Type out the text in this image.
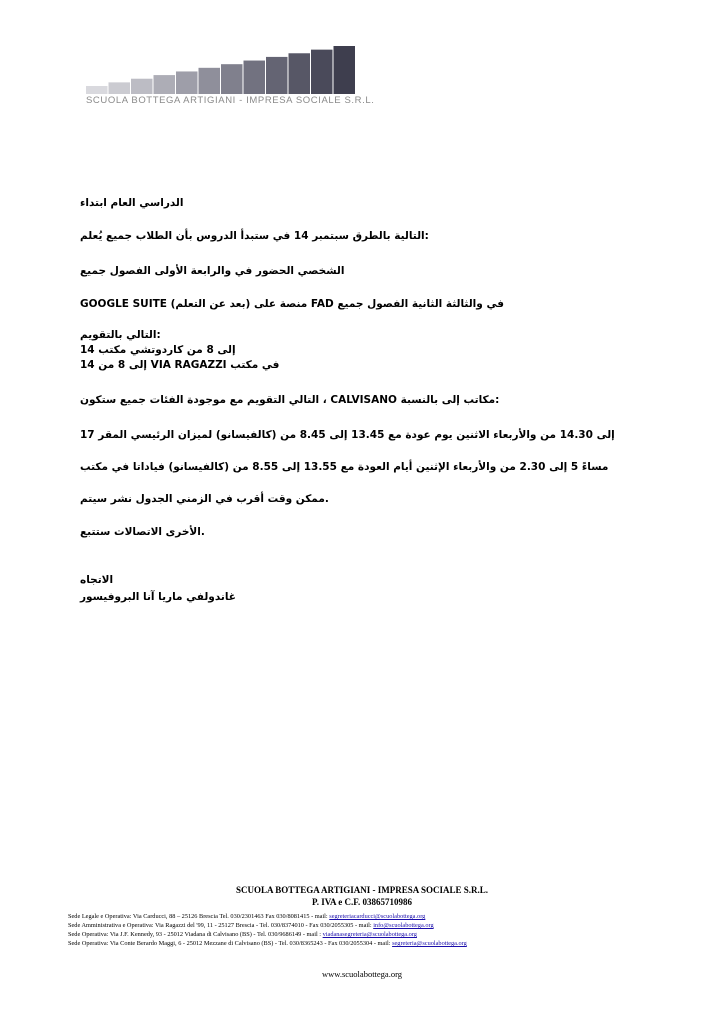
SCUOLA BOTTEGA ARTIGIANI - IMPRESA SOCIALE S.R.L.
الدراسي العام ابتداء
التالية بالطرق سبتمبر 14 في ستبدأ الدروس بأن الطلاب جميع يُعلم:
الشخصي الحضور في والرابعة الأولى الفصول جميع
GOOGLE SUITE منصة على (بعد عن التعلم) FAD في والثالثة الثانية الفصول جميع
التالي بالتقويم:
14 إلى 8 من كاردوتشي مكتب
14 إلى 8 من VIA RAGAZZI في مكتب
التالي التقويم مع موجودة الفئات جميع ستكون ، CALVISANO مكاتب إلى بالنسبة:
17 إلى 14.30 من والأربعاء الاثنين يوم عودة مع 13.45 إلى 8.45 من (كالفيسانو) لميزان الرئيسي المقر
مساءً 5 إلى 2.30 من والأربعاء الإثنين أيام العودة مع 13.55 إلى 8.55 من (كالفيسانو) فياداتا في مكتب
ممكن وقت أقرب في الزمني الجدول نشر سيتم.
الأخرى الاتصالات ستتبع.
الاتجاه
غاندولفي ماريا آنا البروفيسور
SCUOLA BOTTEGA ARTIGIANI - IMPRESA SOCIALE S.R.L.
P. IVA e C.F. 03865710986
Sede Legale e Operativa: Via Carducci, 88 – 25126 Brescia Tel. 030/2301463 Fax 030/8081415 - mail: segreteriacarducci@scuolabottega.org
Sede Amministrativa e Operativa: Via Ragazzi del '99, 11 - 25127 Brescia - Tel. 030/8374010 - Fax 030/2055305 - mail: info@scuolabottega.org
Sede Operativa: Via J.F. Kennedy, 93 - 25012 Viadana di Calvisano (BS) - Tel. 030/9686149 - mail : viadanasegreteria@scuolabottega.org
Sede Operativa: Via Conte Berardo Maggi, 6 - 25012 Mezzane di Calvisano (BS) - Tel. 030/8365243 - Fax 030/2055304 - mail: segreteria@scuolabottega.org
www.scuolabottega.org
